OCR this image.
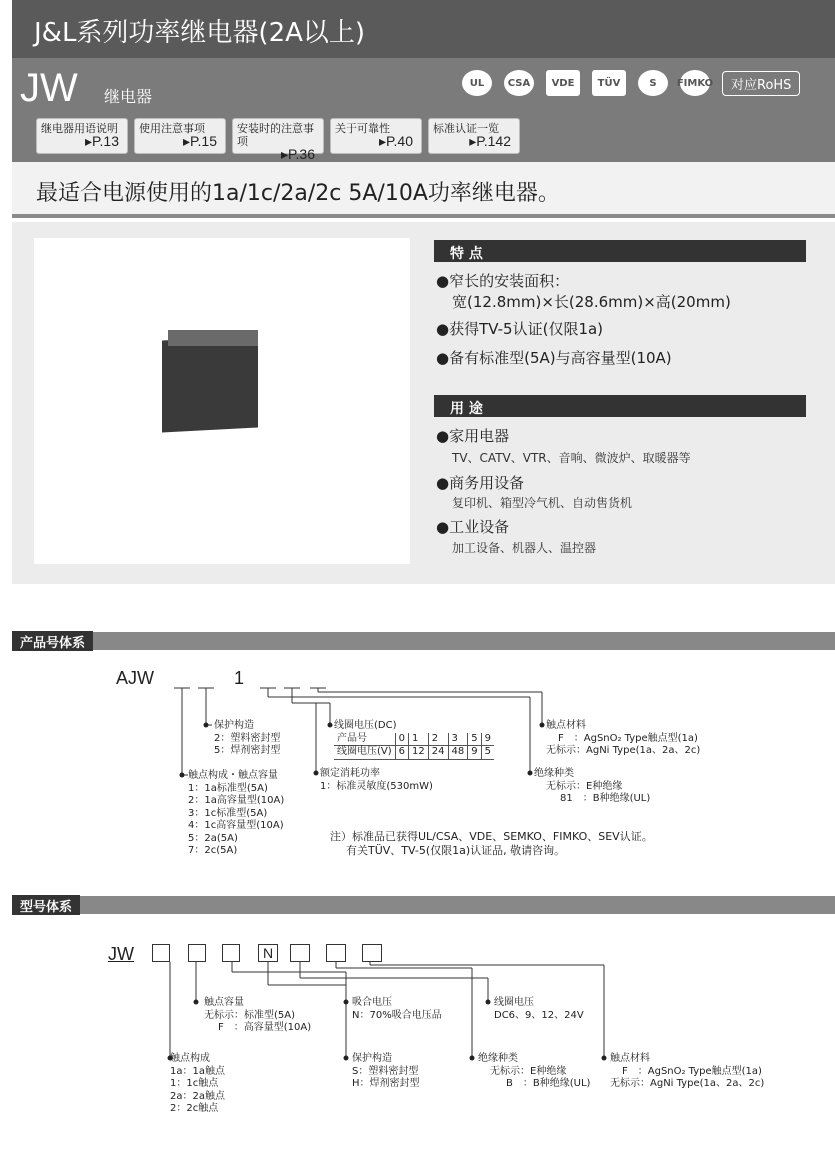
J&L系列功率继电器(2A以上)
JW 继电器
UL	CSA	VDE	TÜV	S	FIMKO	对应RoHS
继电器用语说明
▸P.13
使用注意事项
▸P.15
安装时的注意事项
▸P.36
关于可靠性
▸P.40
标准认证一览
▸P.142
最适合电源使用的1a/1c/2a/2c 5A/10A功率继电器。
特 点
●窄长的安装面积：
宽(12.8mm)×长(28.6mm)×高(20mm)
●获得TV-5认证(仅限1a)
●备有标准型(5A)与高容量型(10A)
用 途
●家用电器
TV、CATV、VTR、音响、微波炉、取暖器等
●商务用设备
复印机、箱型冷气机、自动售货机
●工业设备
加工设备、机器人、温控器
产品号体系
AJW	1
保护构造
2：塑料密封型
5：焊剂密封型
触点构成・触点容量
1：1a标准型(5A)
2：1a高容量型(10A)
3：1c标准型(5A)
4：1c高容量型(10A)
5：2a(5A)
7：2c(5A)
线圈电压(DC)
产品号	0	1	2	3	5	9
线圈电压(V)	6	12	24	48	9	5
额定消耗功率
1：标准灵敏度(530mW)
触点材料
F　：AgSnO₂ Type触点型(1a)
无标示：AgNi Type(1a、2a、2c)
绝缘种类
无标示：E种绝缘
81　：B种绝缘(UL)
注）标准品已获得UL/CSA、VDE、SEMKO、FIMKO、SEV认证。
有关TÜV、TV-5(仅限1a)认证品, 敬请咨询。
型号体系
JW	N
触点容量
无标示：标准型(5A)
F　：高容量型(10A)
触点构成
1a：1a触点
1：1c触点
2a：2a触点
2：2c触点
吸合电压
N：70%吸合电压品
保护构造
S：塑料密封型
H：焊剂密封型
线圈电压
DC6、9、12、24V
绝缘种类
无标示：E种绝缘
B　：B种绝缘(UL)
触点材料
F　：AgSnO₂ Type触点型(1a)
无标示：AgNi Type(1a、2a、2c)
